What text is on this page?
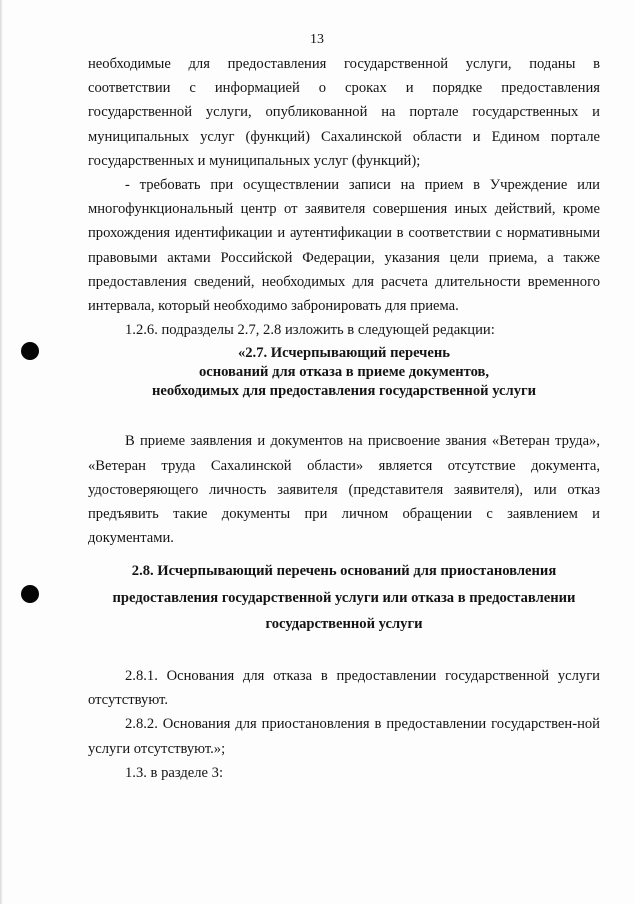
13

необходимые для предоставления государственной услуги, поданы в соответствии с информацией о сроках и порядке предоставления государственной услуги, опубликованной на портале государственных и муниципальных услуг (функций) Сахалинской области и Едином портале государственных и муниципальных услуг (функций);

- требовать при осуществлении записи на прием в Учреждение или многофункциональный центр от заявителя совершения иных действий, кроме прохождения идентификации и аутентификации в соответствии с нормативными правовыми актами Российской Федерации, указания цели приема, а также предоставления сведений, необходимых для расчета длительности временного интервала, который необходимо забронировать для приема.

1.2.6. подразделы 2.7, 2.8 изложить в следующей редакции:

«2.7. Исчерпывающий перечень
оснований для отказа в приеме документов,
необходимых для предоставления государственной услуги

В приеме заявления и документов на присвоение звания «Ветеран труда», «Ветеран труда Сахалинской области» является отсутствие документа, удостоверяющего личность заявителя (представителя заявителя), или отказ предъявить такие документы при личном обращении с заявлением и документами.

2.8. Исчерпывающий перечень оснований для приостановления предоставления государственной услуги или отказа в предоставлении государственной услуги

2.8.1. Основания для отказа в предоставлении государственной услуги отсутствуют.

2.8.2. Основания для приостановления в предоставлении государствен-ной услуги отсутствуют.»;

1.3. в разделе 3:
